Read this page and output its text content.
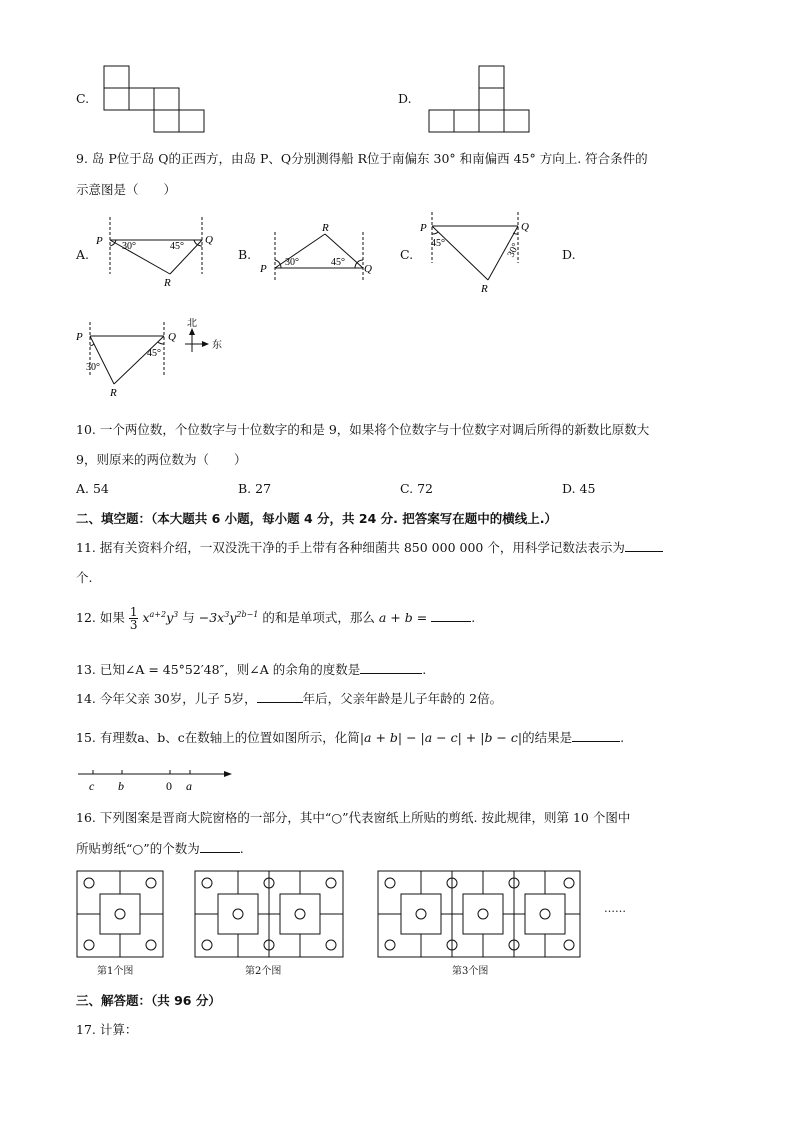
C.	D.
9. 岛 P位于岛 Q的正西方，由岛 P、Q分别测得船 R位于南偏东 30° 和南偏西 45° 方向上. 符合条件的
示意图是（　　）
A.
P	Q
R
30°	45°
B.
P	Q
R
30°	45°
C.
P	Q
R
45°	30°	D.
P	Q
R
30°
45°
北
东
10. 一个两位数，个位数字与十位数字的和是 9，如果将个位数字与十位数字对调后所得的新数比原数大
9，则原来的两位数为（　　）
A. 54	B. 27	C. 72	D. 45
二、填空题：（本大题共 6 小题，每小题 4 分，共 24 分. 把答案写在题中的横线上.）
11. 据有关资料介绍，一双没洗干净的手上带有各种细菌共 850 000 000 个，用科学记数法表示为
个.
12. 如果 $\frac{1}{3} x^{a+2}y^3$ 与 $-3x^3y^{2b-1}$ 的和是单项式，那么 a + b =	.
13. 已知∠A = 45°52′48″，则∠A 的余角的度数是	.
14. 今年父亲 30岁，儿子 5岁，	年后，父亲年龄是儿子年龄的 2倍。
15. 有理数a、b、c在数轴上的位置如图所示，化简|a + b| − |a − c| + |b − c|的结果是	.
c b	0 a
16. 下列图案是晋商大院窗格的一部分，其中“○”代表窗纸上所贴的剪纸. 按此规律，则第 10 个图中
所贴剪纸“○”的个数为	.
第1个图	第2个图	第3个图
……
三、解答题：（共 96 分）
17. 计算：
